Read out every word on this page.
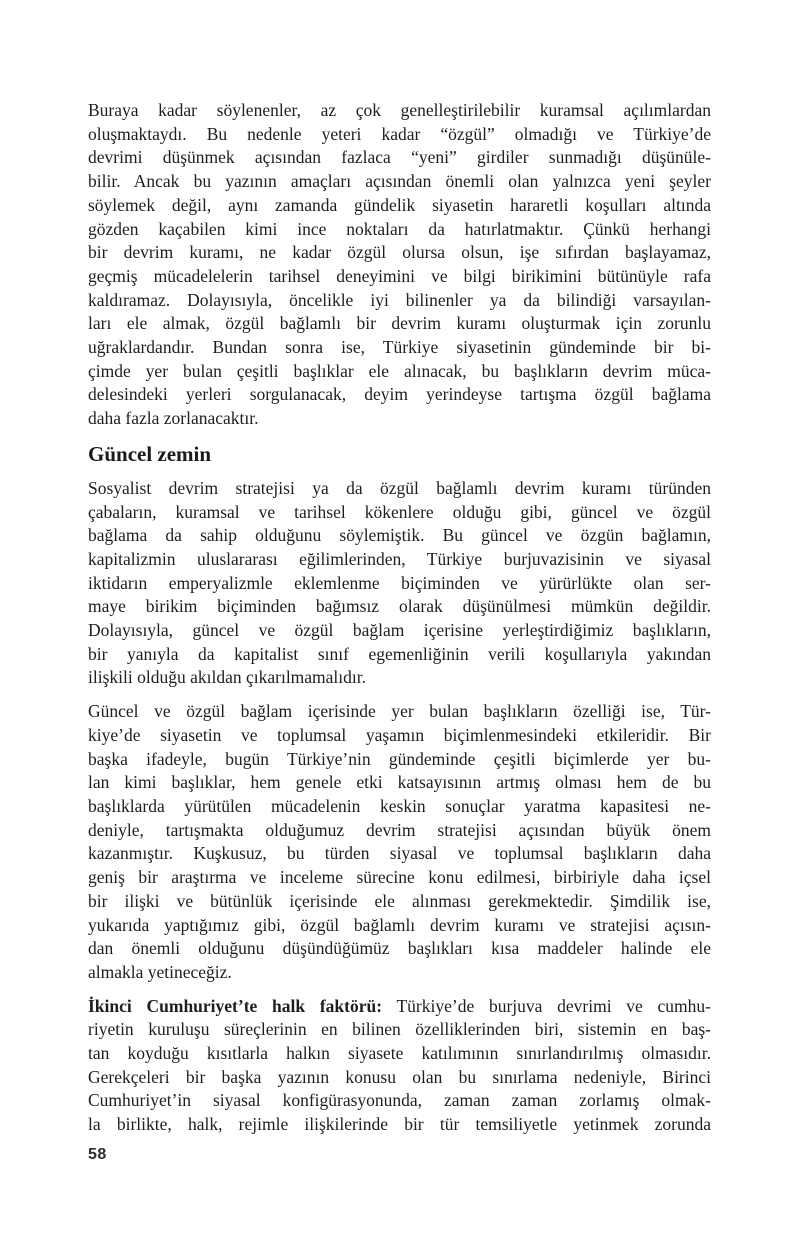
Buraya kadar söylenenler, az çok genelleştirilebilir kuramsal açılımlardan
oluşmaktaydı. Bu nedenle yeteri kadar “özgül” olmadığı ve Türkiye’de
devrimi düşünmek açısından fazlaca “yeni” girdiler sunmadığı düşünüle-
bilir. Ancak bu yazının amaçları açısından önemli olan yalnızca yeni şeyler
söylemek değil, aynı zamanda gündelik siyasetin hararetli koşulları altında
gözden kaçabilen kimi ince noktaları da hatırlatmaktır. Çünkü herhangi
bir devrim kuramı, ne kadar özgül olursa olsun, işe sıfırdan başlayamaz,
geçmiş mücadelelerin tarihsel deneyimini ve bilgi birikimini bütünüyle rafa
kaldıramaz. Dolayısıyla, öncelikle iyi bilinenler ya da bilindiği varsayılan-
ları ele almak, özgül bağlamlı bir devrim kuramı oluşturmak için zorunlu
uğraklardandır. Bundan sonra ise, Türkiye siyasetinin gündeminde bir bi-
çimde yer bulan çeşitli başlıklar ele alınacak, bu başlıkların devrim müca-
delesindeki yerleri sorgulanacak, deyim yerindeyse tartışma özgül bağlama
daha fazla zorlanacaktır.
Güncel zemin
Sosyalist devrim stratejisi ya da özgül bağlamlı devrim kuramı türünden
çabaların, kuramsal ve tarihsel kökenlere olduğu gibi, güncel ve özgül
bağlama da sahip olduğunu söylemiştik. Bu güncel ve özgün bağlamın,
kapitalizmin uluslararası eğilimlerinden, Türkiye burjuvazisinin ve siyasal
iktidarın emperyalizmle eklemlenme biçiminden ve yürürlükte olan ser-
maye birikim biçiminden bağımsız olarak düşünülmesi mümkün değildir.
Dolayısıyla, güncel ve özgül bağlam içerisine yerleştirdiğimiz başlıkların,
bir yanıyla da kapitalist sınıf egemenliğinin verili koşullarıyla yakından
ilişkili olduğu akıldan çıkarılmamalıdır.
Güncel ve özgül bağlam içerisinde yer bulan başlıkların özelliği ise, Tür-
kiye’de siyasetin ve toplumsal yaşamın biçimlenmesindeki etkileridir. Bir
başka ifadeyle, bugün Türkiye’nin gündeminde çeşitli biçimlerde yer bu-
lan kimi başlıklar, hem genele etki katsayısının artmış olması hem de bu
başlıklarda yürütülen mücadelenin keskin sonuçlar yaratma kapasitesi ne-
deniyle, tartışmakta olduğumuz devrim stratejisi açısından büyük önem
kazanmıştır. Kuşkusuz, bu türden siyasal ve toplumsal başlıkların daha
geniş bir araştırma ve inceleme sürecine konu edilmesi, birbiriyle daha içsel
bir ilişki ve bütünlük içerisinde ele alınması gerekmektedir. Şimdilik ise,
yukarıda yaptığımız gibi, özgül bağlamlı devrim kuramı ve stratejisi açısın-
dan önemli olduğunu düşündüğümüz başlıkları kısa maddeler halinde ele
almakla yetineceğiz.
İkinci Cumhuriyet’te halk faktörü: Türkiye’de burjuva devrimi ve cumhu-
riyetin kuruluşu süreçlerinin en bilinen özelliklerinden biri, sistemin en baş-
tan koyduğu kısıtlarla halkın siyasete katılımının sınırlandırılmış olmasıdır.
Gerekçeleri bir başka yazının konusu olan bu sınırlama nedeniyle, Birinci
Cumhuriyet’in siyasal konfigürasyonunda, zaman zaman zorlamış olmak-
la birlikte, halk, rejimle ilişkilerinde bir tür temsiliyetle yetinmek zorunda
58
